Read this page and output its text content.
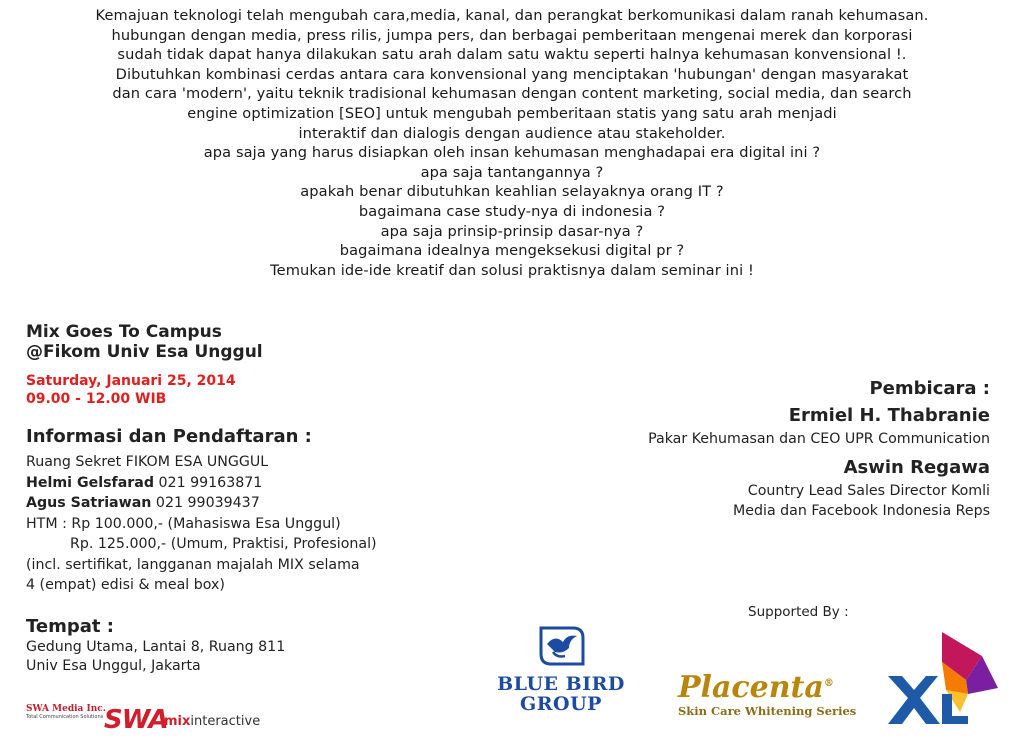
Kemajuan teknologi telah mengubah cara,media, kanal, dan perangkat berkomunikasi dalam ranah kehumasan.
hubungan dengan media, press rilis, jumpa pers, dan berbagai pemberitaan mengenai merek dan korporasi
sudah tidak dapat hanya dilakukan satu arah dalam satu waktu seperti halnya kehumasan konvensional !.
Dibutuhkan kombinasi cerdas antara cara konvensional yang menciptakan 'hubungan' dengan masyarakat
dan cara 'modern', yaitu teknik tradisional kehumasan dengan content marketing, social media, dan search
engine optimization [SEO] untuk mengubah pemberitaan statis yang satu arah menjadi
interaktif dan dialogis dengan audience atau stakeholder.
apa saja yang harus disiapkan oleh insan kehumasan menghadapai era digital ini ?
apa saja tantangannya ?
apakah benar dibutuhkan keahlian selayaknya orang IT ?
bagaimana case study-nya di indonesia ?
apa saja prinsip-prinsip dasar-nya ?
bagaimana idealnya mengeksekusi digital pr ?
Temukan ide-ide kreatif dan solusi praktisnya dalam seminar ini !
Mix Goes To Campus
@Fikom Univ Esa Unggul
Saturday, Januari 25, 2014
09.00 - 12.00 WIB
Informasi dan Pendaftaran :
Ruang Sekret FIKOM ESA UNGGUL
Helmi Gelsfarad 021 99163871
Agus Satriawan 021 99039437
HTM : Rp 100.000,- (Mahasiswa Esa Unggul)
Rp. 125.000,- (Umum, Praktisi, Profesional)
(incl. sertifikat, langganan majalah MIX selama
4 (empat) edisi & meal box)
Tempat :
Gedung Utama, Lantai 8, Ruang 811
Univ Esa Unggul, Jakarta
Pembicara :
Ermiel H. Thabranie
Pakar Kehumasan dan CEO UPR Communication
Aswin Regawa
Country Lead Sales Director Komli
Media dan Facebook Indonesia Reps
Supported By :
BLUE BIRD
GROUP	Placenta®
Skin Care Whitening Series
SWA Media Inc.
Total Communication Solutions SWA
mixinteractive
